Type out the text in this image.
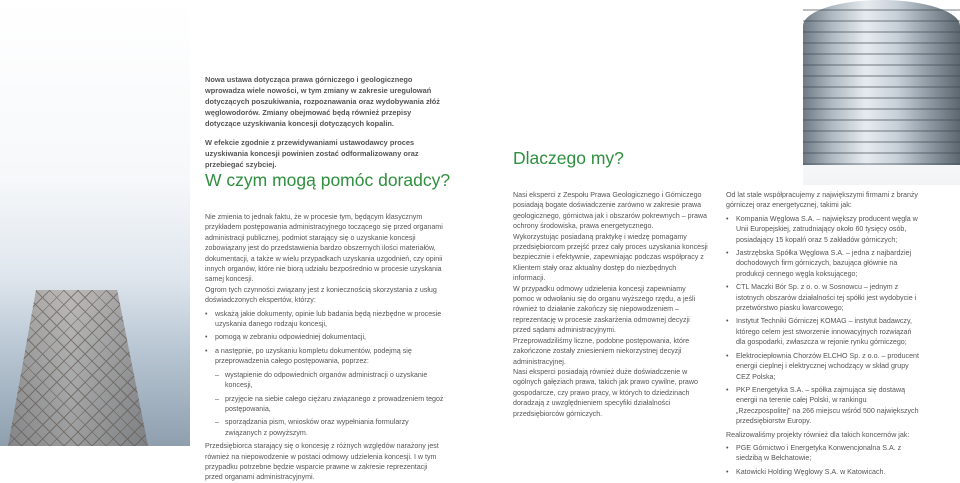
Nowa ustawa dotycząca prawa górniczego i geologicznego wprowadza wiele nowości, w tym zmiany w zakresie uregulowań dotyczących poszukiwania, rozpoznawania oraz wydobywania złóż węglowodorów. Zmiany obejmować będą również przepisy dotyczące uzyskiwania koncesji dotyczących kopalin.

W efekcie zgodnie z przewidywaniami ustawodawcy proces uzyskiwania koncesji powinien zostać odformalizowany oraz przebiegać szybciej.

W czym mogą pomóc doradcy?
Dlaczego my?

Nie zmienia to jednak faktu, że w procesie tym, będącym klasycznym przykładem postępowania administracyjnego toczącego się przed organami administracji publicznej, podmiot starający się o uzyskanie koncesji zobowiązany jest do przedstawienia bardzo obszernych ilości materiałów, dokumentacji, a także w wielu przypadkach uzyskania uzgodnień, czy opinii innych organów, które nie biorą udziału bezpośrednio w procesie uzyskania samej koncesji.

Ogrom tych czynności związany jest z koniecznością skorzystania z usług doświadczonych ekspertów, którzy:

• wskażą jakie dokumenty, opinie lub badania będą niezbędne w procesie uzyskania danego rodzaju koncesji,
• pomogą w zebraniu odpowiedniej dokumentacji,
• a następnie, po uzyskaniu kompletu dokumentów, podejmą się przeprowadzenia całego postępowania, poprzez:
– wystąpienie do odpowiednich organów administracji o uzyskanie koncesji,
– przyjęcie na siebie całego ciężaru związanego z prowadzeniem tegoż postępowania,
– sporządzania pism, wniosków oraz wypełniania formularzy związanych z powyższym.

Przedsiębiorca starający się o koncesję z różnych względów narażony jest również na niepowodzenie w postaci odmowy udzielenia koncesji. I w tym przypadku potrzebne będzie wsparcie prawne w zakresie reprezentacji przed organami administracyjnymi.

Nasi eksperci z Zespołu Prawa Geologicznego i Górniczego posiadają bogate doświadczenie zarówno w zakresie prawa geologicznego, górnictwa jak i obszarów pokrewnych – prawa ochrony środowiska, prawa energetycznego.

Wykorzystując posiadaną praktykę i wiedzę pomagamy przedsiębiorcom przejść przez cały proces uzyskania koncesji bezpiecznie i efektywnie, zapewniając podczas współpracy z Klientem stały oraz aktualny dostęp do niezbędnych informacji.

W przypadku odmowy udzielenia koncesji zapewniamy pomoc w odwołaniu się do organu wyższego rzędu, a jeśli również to działanie zakończy się niepowodzeniem – reprezentację w procesie zaskarżenia odmownej decyzji przed sądami administracyjnymi.

Przeprowadziliśmy liczne, podobne postępowania, które zakończone zostały zniesieniem niekorzystnej decyzji administracyjnej.

Nasi eksperci posiadają również duże doświadczenie w ogólnych gałęziach prawa, takich jak prawo cywilne, prawo gospodarcze, czy prawo pracy, w których to dziedzinach doradzają z uwzględnieniem specyfiki działalności przedsiębiorców górniczych.

Od lat stale współpracujemy z największymi firmami z branży górniczej oraz energetycznej, takimi jak:

• Kompania Węglowa S.A. – największy producent węgla w Unii Europejskiej, zatrudniający około 60 tysięcy osób, posiadający 15 kopalń oraz 5 zakładów górniczych;
• Jastrzębska Spółka Węglowa S.A. – jedna z najbardziej dochodowych firm górniczych, bazująca głównie na produkcji cennego węgla koksującego;
• CTL Maczki Bór Sp. z o. o. w Sosnowcu – jednym z istotnych obszarów działalności tej spółki jest wydobycie i przetwórstwo piasku kwarcowego;
• Instytut Techniki Górniczej KOMAG – instytut badawczy, którego celem jest stworzenie innowacyjnych rozwiązań dla gospodarki, zwłaszcza w rejonie rynku górniczego;
• Elektrociepłownia Chorzów ELCHO Sp. z o.o. – producent energii cieplnej i elektrycznej wchodzący w skład grupy CEZ Polska;
• PKP Energetyka S.A. – spółka zajmująca się dostawą energii na terenie całej Polski, w rankingu „Rzeczpospolitej” na 266 miejscu wśród 500 największych przedsiębiorstw Europy.

Realizowaliśmy projekty również dla takich koncernów jak:

• PGE Górnictwo i Energetyka Konwencjonalna S.A. z siedzibą w Bełchatowie;
• Katowicki Holding Węglowy S.A. w Katowicach.
